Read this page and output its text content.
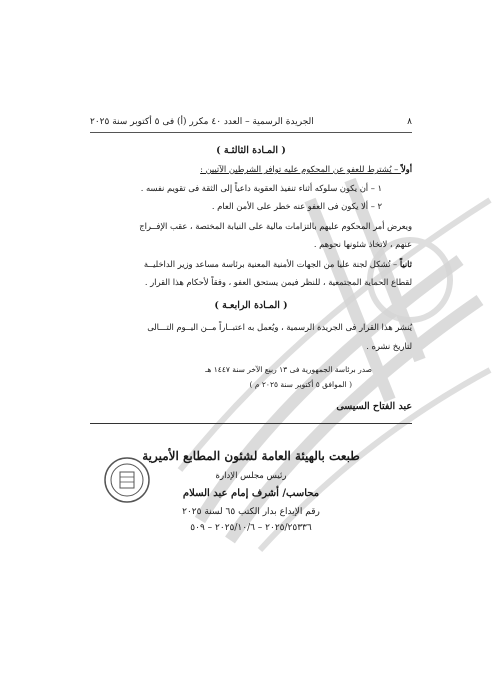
٨
الجريدة الرسمية – العدد ٤٠ مكرر (أ) فى ٥ أكتوبر سنة ٢٠٢٥
( المـادة الثالثـة )
أولاً – يُشترط للعفو عن المحكوم عليه توافر الشرطين الآتيين :
١ – أن يكون سلوكه أثناء تنفيذ العقوبة داعياً إلى الثقة فى تقويم نفسه .
٢ – ألا يكون فى العفو عنه خطر على الأمن العام .
ويعرض أمر المحكوم عليهم بالتزامات مالية على النيابة المختصة ، عقب الإفــراج
عنهم ، لاتخاذ شئونها نحوهم .
ثانياً – تُشكل لجنة عليا من الجهات الأمنية المعنية برئاسة مساعد وزير الداخليــة
لقطاع الحماية المجتمعية ، للنظر فيمن يستحق العفو ، وفقاً لأحكام هذا القرار .
( المـادة الرابعـة )
يُنشر هذا القرار فى الجريدة الرسمية ، ويُعمل به اعتبــاراً مــن اليــوم التـــالى
لتاريخ نشره .
صدر برئاسة الجمهورية فى ١٣ ربيع الآخر سنة ١٤٤٧ هـ
( الموافق ٥ أكتوبر سنة ٢٠٢٥ م )
عبد الفتاح السيسى
طبعت بالهيئة العامة لشئون المطابع الأميرية
رئيس مجلس الإدارة
محاسب/ أشرف إمام عبد السلام
رقم الإيداع بدار الكتب ٦٥ لسنة ٢٠٢٥
٢٠٢٥/٢٥٣٣٦ – ٢٠٢٥/١٠/٦ – ٥٠٩
